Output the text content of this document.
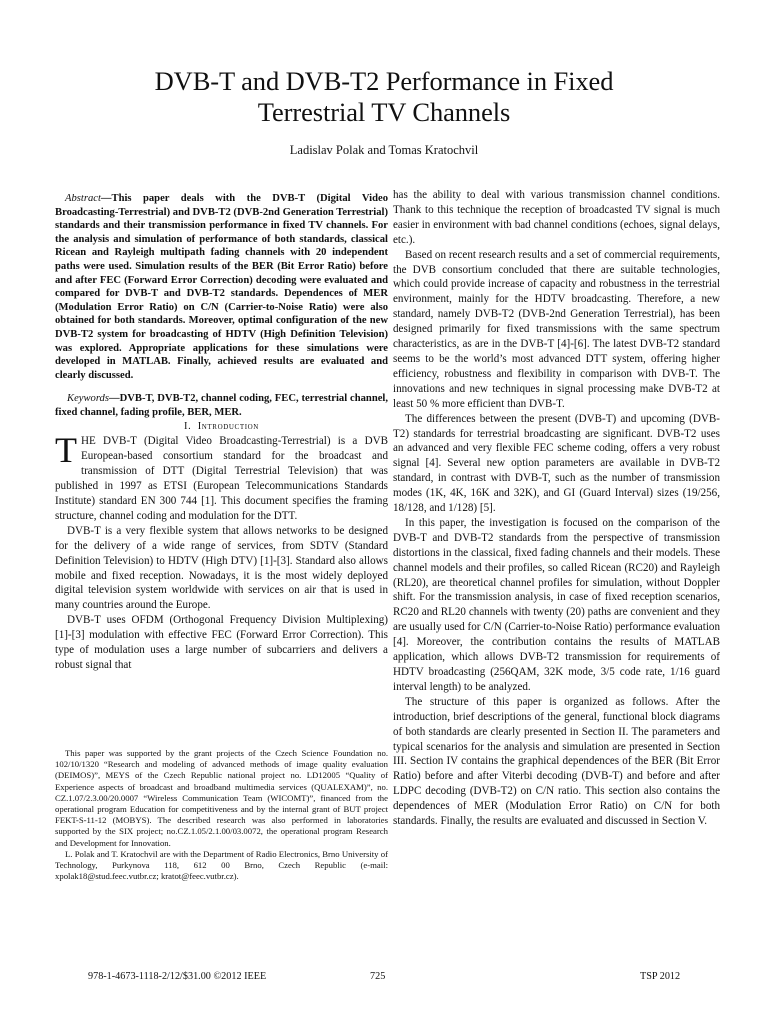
DVB-T and DVB-T2 Performance in Fixed
Terrestrial TV Channels
Ladislav Polak and Tomas Kratochvil

Abstract—This paper deals with the DVB-T (Digital Video Broadcasting-Terrestrial) and DVB-T2 (DVB-2nd Generation Terrestrial) standards and their transmission performance in fixed TV channels. For the analysis and simulation of performance of both standards, classical Ricean and Rayleigh multipath fading channels with 20 independent paths were used. Simulation results of the BER (Bit Error Ratio) before and after FEC (Forward Error Correction) decoding were evaluated and compared for DVB-T and DVB-T2 standards. Dependences of MER (Modulation Error Ratio) on C/N (Carrier-to-Noise Ratio) were also obtained for both standards. Moreover, optimal configuration of the new DVB-T2 system for broadcasting of HDTV (High Definition Television) was explored. Appropriate applications for these simulations were developed in MATLAB. Finally, achieved results are evaluated and clearly discussed.

Keywords—DVB-T, DVB-T2, channel coding, FEC, terrestrial channel, fixed channel, fading profile, BER, MER.

I. Introduction

THE DVB-T (Digital Video Broadcasting-Terrestrial) is a DVB European-based consortium standard for the broadcast and transmission of DTT (Digital Terrestrial Television) that was published in 1997 as ETSI (European Telecommunications Standards Institute) standard EN 300 744 [1]. This document specifies the framing structure, channel coding and modulation for the DTT.

DVB-T is a very flexible system that allows networks to be designed for the delivery of a wide range of services, from SDTV (Standard Definition Television) to HDTV (High DTV) [1]-[3]. Standard also allows mobile and fixed reception. Nowadays, it is the most widely deployed digital television system worldwide with services on air that is used in many countries around the Europe.

DVB-T uses OFDM (Orthogonal Frequency Division Multiplexing) [1]-[3] modulation with effective FEC (Forward Error Correction). This type of modulation uses a large number of subcarriers and delivers a robust signal that

This paper was supported by the grant projects of the Czech Science Foundation no. 102/10/1320 “Research and modeling of advanced methods of image quality evaluation (DEIMOS)”, MEYS of the Czech Republic national project no. LD12005 “Quality of Experience aspects of broadcast and broadband multimedia services (QUALEXAM)”, no. CZ.1.07/2.3.00/20.0007 “Wireless Communication Team (WICOMT)”, financed from the operational program Education for competitiveness and by the internal grant of BUT project FEKT-S-11-12 (MOBYS). The described research was also performed in laboratories supported by the SIX project; no.CZ.1.05/2.1.00/03.0072, the operational program Research and Development for Innovation.

L. Polak and T. Kratochvil are with the Department of Radio Electronics, Brno University of Technology, Purkynova 118, 612 00 Brno, Czech Republic (e-mail: xpolak18@stud.feec.vutbr.cz; kratot@feec.vutbr.cz).

has the ability to deal with various transmission channel conditions. Thank to this technique the reception of broadcasted TV signal is much easier in environment with bad channel conditions (echoes, signal delays, etc.).

Based on recent research results and a set of commercial requirements, the DVB consortium concluded that there are suitable technologies, which could provide increase of capacity and robustness in the terrestrial environment, mainly for the HDTV broadcasting. Therefore, a new standard, namely DVB-T2 (DVB-2nd Generation Terrestrial), has been designed primarily for fixed transmissions with the same spectrum characteristics, as are in the DVB-T [4]-[6]. The latest DVB-T2 standard seems to be the world’s most advanced DTT system, offering higher efficiency, robustness and flexibility in comparison with DVB-T. The innovations and new techniques in signal processing make DVB-T2 at least 50 % more efficient than DVB-T.

The differences between the present (DVB-T) and upcoming (DVB-T2) standards for terrestrial broadcasting are significant. DVB-T2 uses an advanced and very flexible FEC scheme coding, offers a very robust signal [4]. Several new option parameters are available in DVB-T2 standard, in contrast with DVB-T, such as the number of transmission modes (1K, 4K, 16K and 32K), and GI (Guard Interval) sizes (19/256, 18/128, and 1/128) [5].

In this paper, the investigation is focused on the comparison of the DVB-T and DVB-T2 standards from the perspective of transmission distortions in the classical, fixed fading channels and their models. These channel models and their profiles, so called Ricean (RC20) and Rayleigh (RL20), are theoretical channel profiles for simulation, without Doppler shift. For the transmission analysis, in case of fixed reception scenarios, RC20 and RL20 channels with twenty (20) paths are convenient and they are usually used for C/N (Carrier-to-Noise Ratio) performance evaluation [4]. Moreover, the contribution contains the results of MATLAB application, which allows DVB-T2 transmission for requirements of HDTV broadcasting (256QAM, 32K mode, 3/5 code rate, 1/16 guard interval length) to be analyzed.

The structure of this paper is organized as follows. After the introduction, brief descriptions of the general, functional block diagrams of both standards are clearly presented in Section II. The parameters and typical scenarios for the analysis and simulation are presented in Section III. Section IV contains the graphical dependences of the BER (Bit Error Ratio) before and after Viterbi decoding (DVB-T) and before and after LDPC decoding (DVB-T2) on C/N ratio. This section also contains the dependences of MER (Modulation Error Ratio) on C/N for both standards. Finally, the results are evaluated and discussed in Section V.

978-1-4673-1118-2/12/$31.00 ©2012 IEEE	725	TSP 2012
